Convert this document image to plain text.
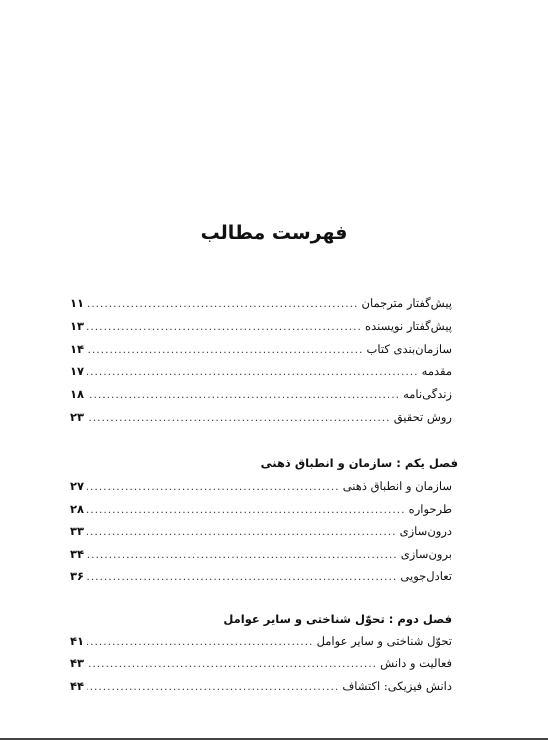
فهرست مطالب
پیش‌گفتار مترجمان
.....
۱۱
پیش‌گفتار نویسنده
.....
۱۳
سازمان‌بندی کتاب
.....
۱۴
مقدمه
.....
۱۷
زندگی‌نامه
.....
۱۸
روش تحقیق
.....
۲۳
فصل یکم : سازمان و انطباق ذهنی
سازمان و انطباق ذهنی
.....
۲۷
طرحواره
.....
۲۸
درون‌سازی
.....
۳۳
برون‌سازی
.....
۳۴
تعادل‌جویی
.....
۳۶
فصل دوم : تحوّل شناختی و سایر عوامل
تحوّل شناختی و سایر عوامل
.....
۴۱
فعالیت و دانش
.....
۴۳
دانش فیزیکی: اکتشاف
.....
۴۴
